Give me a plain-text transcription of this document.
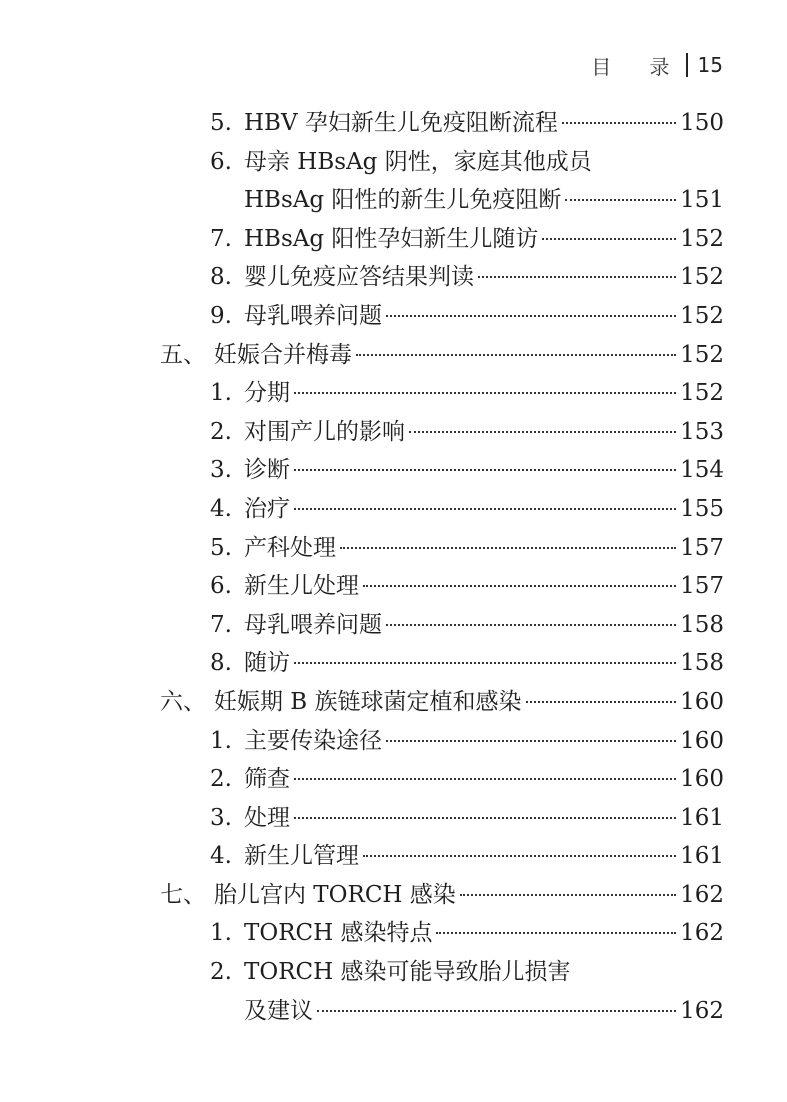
目 录 15
5. HBV 孕妇新生儿免疫阻断流程	150
6. 母亲 HBsAg 阴性，家庭其他成员
HBsAg 阳性的新生儿免疫阻断	151
7. HBsAg 阳性孕妇新生儿随访	152
8. 婴儿免疫应答结果判读	152
9. 母乳喂养问题	152
五、 妊娠合并梅毒	152
1. 分期	152
2. 对围产儿的影响	153
3. 诊断	154
4. 治疗	155
5. 产科处理	157
6. 新生儿处理	157
7. 母乳喂养问题	158
8. 随访	158
六、 妊娠期 B 族链球菌定植和感染	160
1. 主要传染途径	160
2. 筛查	160
3. 处理	161
4. 新生儿管理	161
七、 胎儿宫内 TORCH 感染	162
1. TORCH 感染特点	162
2. TORCH 感染可能导致胎儿损害
及建议	162
